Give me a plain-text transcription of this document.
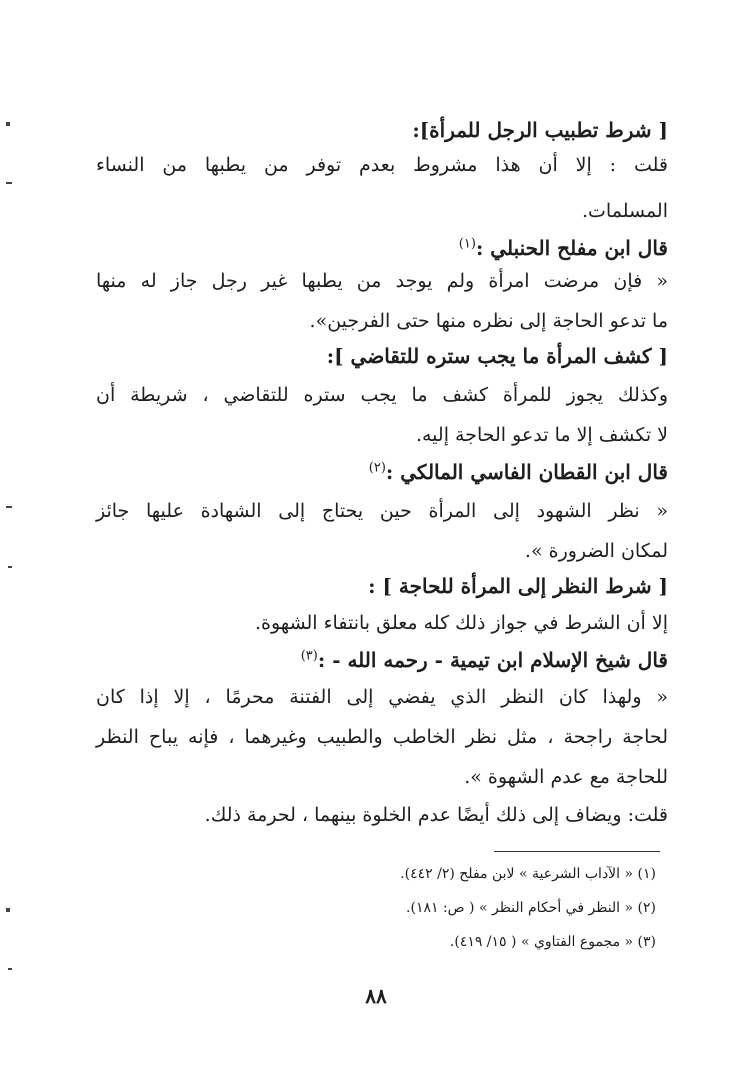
[ شرط تطبيب الرجل للمرأة]:
قلت : إلا أن هذا مشروط بعدم توفر من يطبها من النساء
المسلمات.
قال ابن مفلح الحنبلي :$^{(١)}$
« فإن مرضت امرأة ولم يوجد من يطبها غير رجل جاز له منها
ما تدعو الحاجة إلى نظره منها حتى الفرجين».
[ كشف المرأة ما يجب ستره للتقاضي ]:
وكذلك يجوز للمرأة كشف ما يجب ستره للتقاضي ، شريطة أن
لا تكشف إلا ما تدعو الحاجة إليه.
قال ابن القطان الفاسي المالكي :$^{(٢)}$
« نظر الشهود إلى المرأة حين يحتاج إلى الشهادة عليها جائز
لمكان الضرورة ».
[ شرط النظر إلى المرأة للحاجة ] :
إلا أن الشرط في جواز ذلك كله معلق بانتفاء الشهوة.
قال شيخ الإسلام ابن تيمية - رحمه الله - :$^{(٣)}$
« ولهذا كان النظر الذي يفضي إلى الفتنة محرمًا ، إلا إذا كان
لحاجة راجحة ، مثل نظر الخاطب والطبيب وغيرهما ، فإنه يباح النظر
للحاجة مع عدم الشهوة ».
قلت: ويضاف إلى ذلك أيضًا عدم الخلوة بينهما ، لحرمة ذلك.
(١) « الآداب الشرعية » لابن مفلح (٢/ ٤٤٢).
(٢) « النظر في أحكام النظر » ( ص: ١٨١).
(٣) « مجموع الفتاوي » ( ١٥/ ٤١٩).
٨٨
